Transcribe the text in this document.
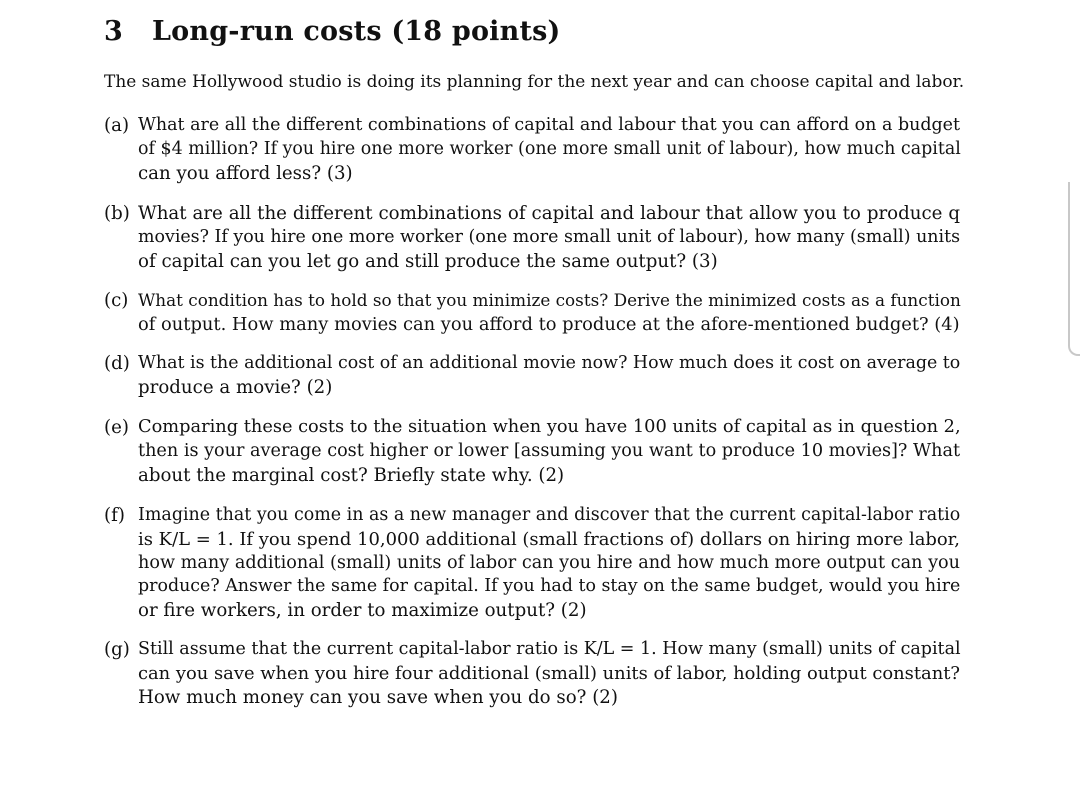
3 Long-run costs (18 points)
The same Hollywood studio is doing its planning for the next year and can choose capital and labor.
(a) What are all the different combinations of capital and labour that you can afford on a budget
of $4 million? If you hire one more worker (one more small unit of labour), how much capital
can you afford less? (3)
(b) What are all the different combinations of capital and labour that allow you to produce q
movies? If you hire one more worker (one more small unit of labour), how many (small) units
of capital can you let go and still produce the same output? (3)
(c) What condition has to hold so that you minimize costs? Derive the minimized costs as a function
of output. How many movies can you afford to produce at the afore-mentioned budget? (4)
(d) What is the additional cost of an additional movie now? How much does it cost on average to
produce a movie? (2)
(e) Comparing these costs to the situation when you have 100 units of capital as in question 2,
then is your average cost higher or lower [assuming you want to produce 10 movies]? What
about the marginal cost? Briefly state why. (2)
(f) Imagine that you come in as a new manager and discover that the current capital-labor ratio
is K/L = 1. If you spend 10,000 additional (small fractions of) dollars on hiring more labor,
how many additional (small) units of labor can you hire and how much more output can you
produce? Answer the same for capital. If you had to stay on the same budget, would you hire
or fire workers, in order to maximize output? (2)
(g) Still assume that the current capital-labor ratio is K/L = 1. How many (small) units of capital
can you save when you hire four additional (small) units of labor, holding output constant?
How much money can you save when you do so? (2)
